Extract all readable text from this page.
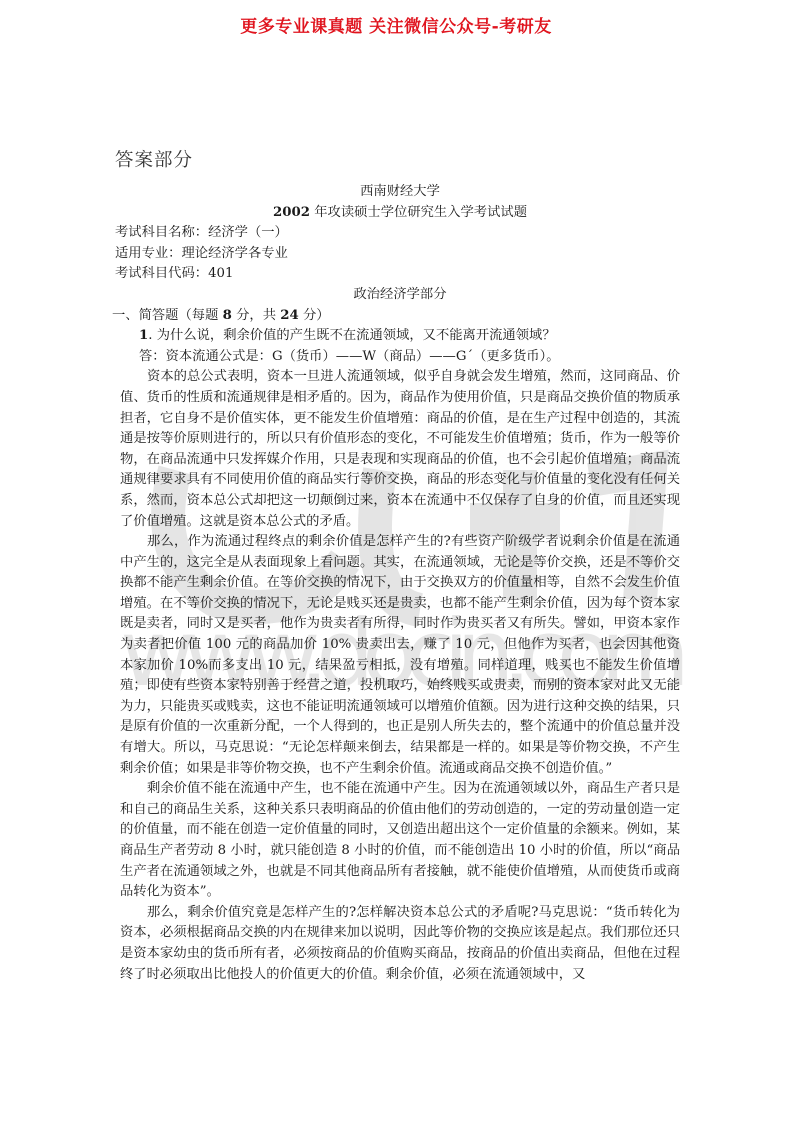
www.docin.com
更多专业课真题 关注微信公众号-考研友
答案部分
西南财经大学
2002 年攻读硕士学位研究生入学考试试题
考试科目名称：经济学（一）
适用专业：理论经济学各专业
考试科目代码：401
政治经济学部分
一、简答题（每题 8 分，共 24 分）
1. 为什么说，剩余价值的产生既不在流通领域，又不能离开流通领域？
答：资本流通公式是：G（货币）——W（商品）——G´（更多货币）。

资本的总公式表明，资本一旦进人流通领域，似乎自身就会发生增殖，然而，这同商品、价值、货币的性质和流通规律是相矛盾的。因为，商品作为使用价值，只是商品交换价值的物质承担者，它自身不是价值实体，更不能发生价值增殖：商品的价值，是在生产过程中创造的，其流通是按等价原则进行的，所以只有价值形态的变化，不可能发生价值增殖；货币，作为一般等价物，在商品流通中只发挥媒介作用，只是表现和实现商品的价值，也不会引起价值增殖；商品流通规律要求具有不同使用价值的商品实行等价交换，商品的形态变化与价值量的变化没有任何关系，然而，资本总公式却把这一切颠倒过来，资本在流通中不仅保存了自身的价值，而且还实现了价值增殖。这就是资本总公式的矛盾。

那么，作为流通过程终点的剩余价值是怎样产生的?有些资产阶级学者说剩余价值是在流通中产生的，这完全是从表面现象上看问题。其实，在流通领域，无论是等价交换，还是不等价交换都不能产生剩余价值。在等价交换的情况下，由于交换双方的价值量相等，自然不会发生价值增殖。在不等价交换的情况下，无论是贱买还是贵卖，也都不能产生剩余价值，因为每个资本家既是卖者，同时又是买者，他作为贵卖者有所得，同时作为贵买者又有所失。譬如，甲资本家作为卖者把价值 100 元的商品加价 10% 贵卖出去，赚了 10 元，但他作为买者，也会因其他资本家加价 10%而多支出 10 元，结果盈亏相抵，没有增殖。同样道理，贱买也不能发生价值增殖；即使有些资本家特别善于经营之道，投机取巧，始终贱买或贵卖，而别的资本家对此又无能为力，只能贵买或贱卖，这也不能证明流通领域可以增殖价值额。因为进行这种交换的结果，只是原有价值的一次重新分配，一个人得到的，也正是别人所失去的，整个流通中的价值总量并没有增大。所以，马克思说：“无论怎样颠来倒去，结果都是一样的。如果是等价物交换，不产生剩余价值；如果是非等价物交换，也不产生剩余价值。流通或商品交换不创造价值。”

剩余价值不能在流通中产生，也不能在流通中产生。因为在流通领域以外，商品生产者只是和自己的商品生关系，这种关系只表明商品的价值由他们的劳动创造的，一定的劳动量创造一定的价值量，而不能在创造一定价值量的同时，又创造出超出这个一定价值量的余额来。例如，某商品生产者劳动 8 小时，就只能创造 8 小时的价值，而不能创造出 10 小时的价值，所以“商品生产者在流通领域之外，也就是不同其他商品所有者接触，就不能使价值增殖，从而使货币或商品转化为资本”。

那么，剩余价值究竟是怎样产生的?怎样解决资本总公式的矛盾呢?马克思说：“货币转化为资本，必须根据商品交换的内在规律来加以说明，因此等价物的交换应该是起点。我们那位还只是资本家幼虫的货币所有者，必须按商品的价值购买商品，按商品的价值出卖商品，但他在过程终了时必须取出比他投人的价值更大的价值。剩余价值，必须在流通领域中，又
